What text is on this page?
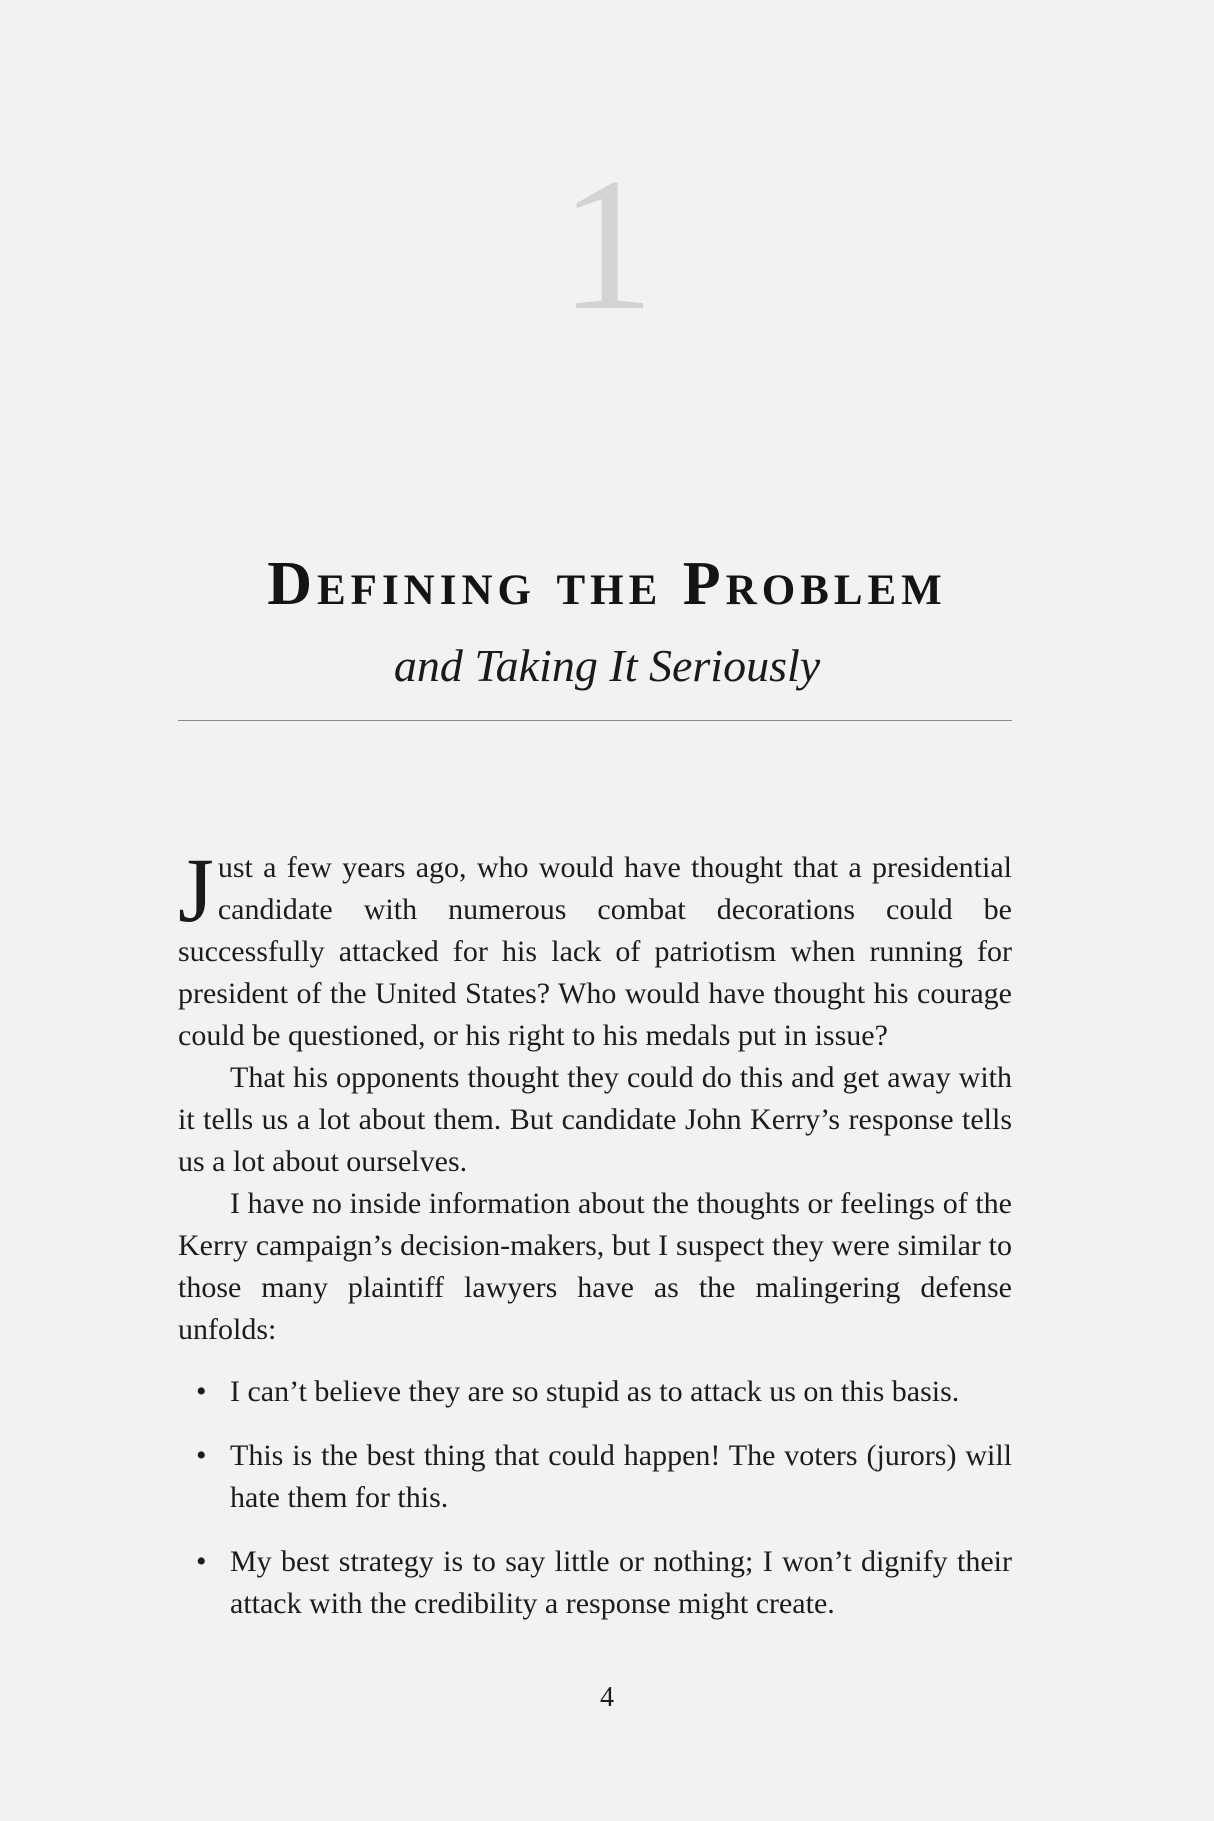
1
Defining the Problem
and Taking It Seriously

Just a few years ago, who would have thought that a presidential candidate with numerous combat decorations could be successfully attacked for his lack of patriotism when running for president of the United States? Who would have thought his courage could be questioned, or his right to his medals put in issue?

That his opponents thought they could do this and get away with it tells us a lot about them. But candidate John Kerry’s response tells us a lot about ourselves.

I have no inside information about the thoughts or feelings of the Kerry campaign’s decision-makers, but I suspect they were similar to those many plaintiff lawyers have as the malingering defense unfolds:

• I can’t believe they are so stupid as to attack us on this basis.
• This is the best thing that could happen! The voters (jurors) will hate them for this.
• My best strategy is to say little or nothing; I won’t dignify their attack with the credibility a response might create.
4
